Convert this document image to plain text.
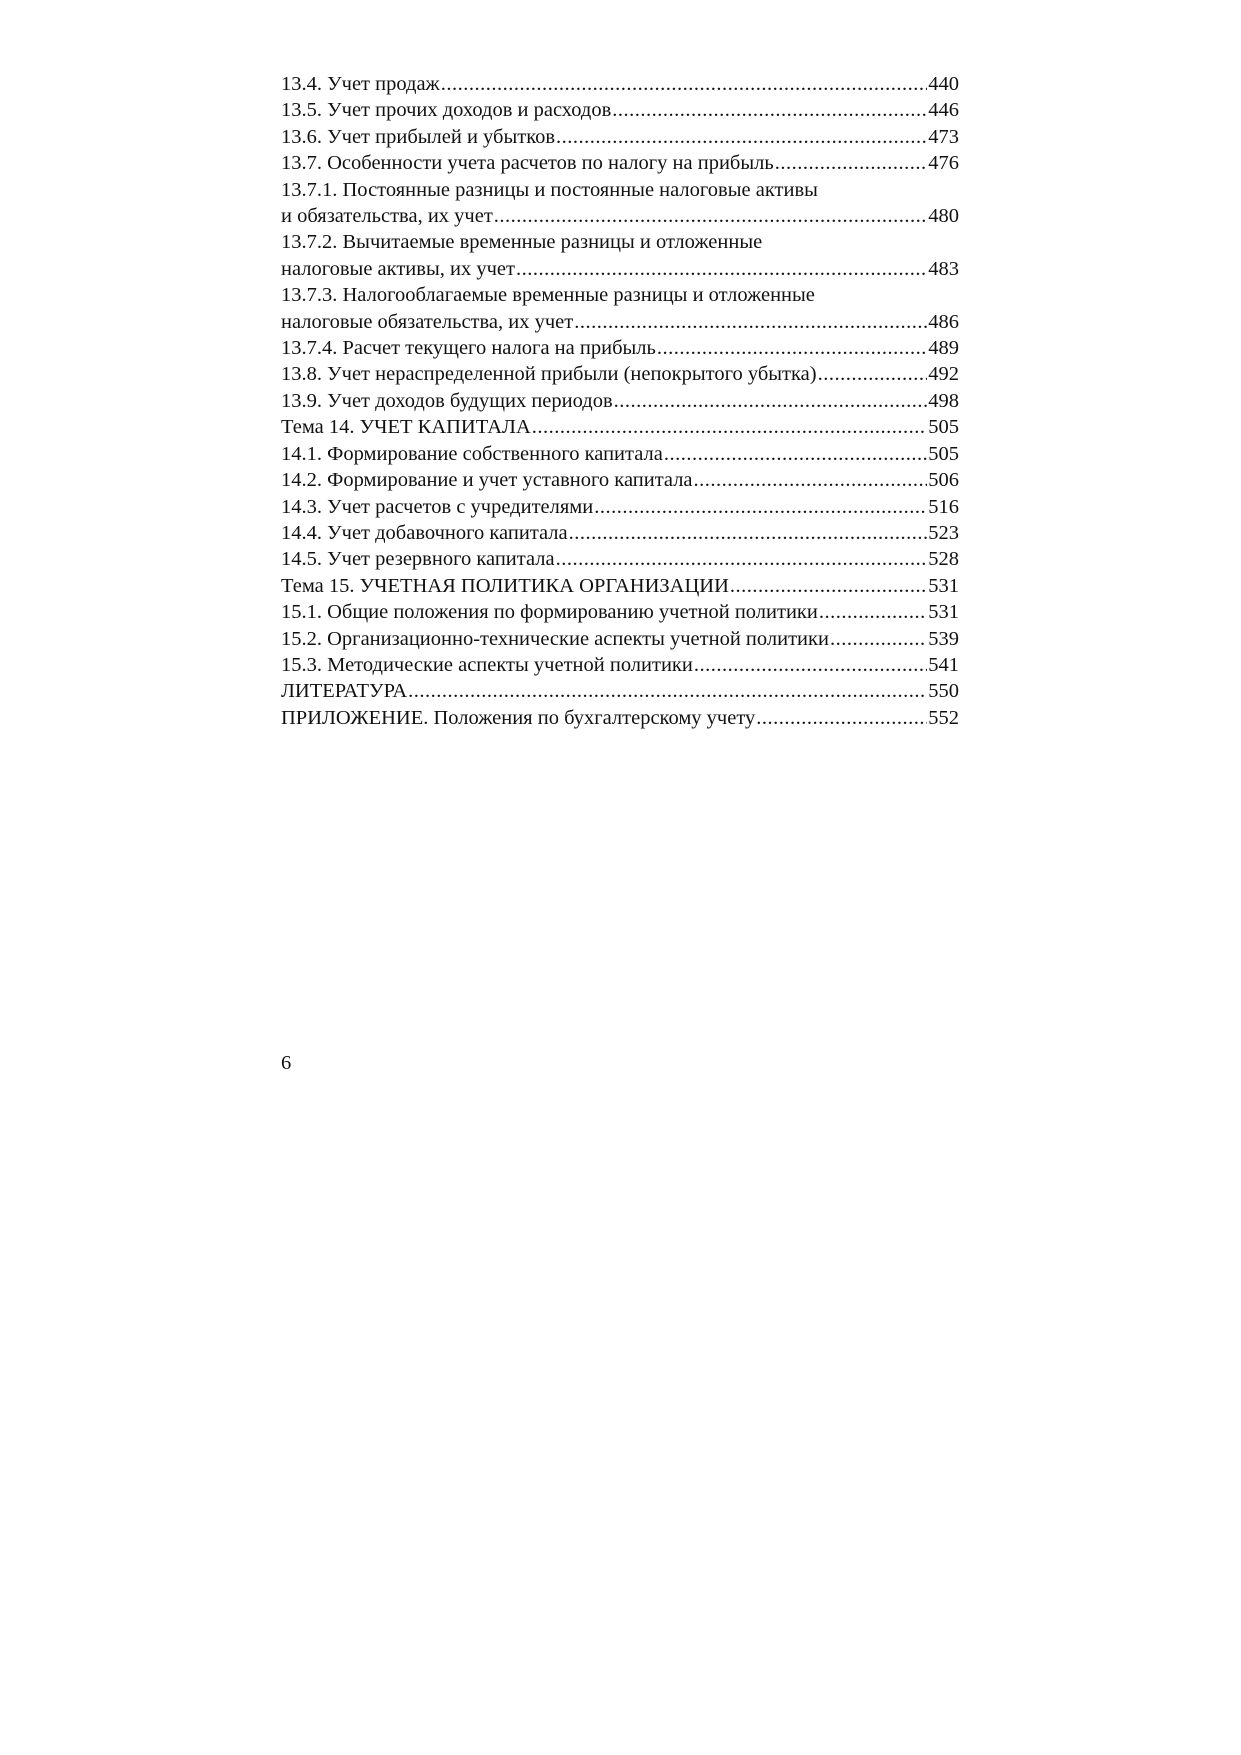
13.4. Учет продаж .....	440
13.5. Учет прочих доходов и расходов .....	446
13.6. Учет прибылей и убытков .....	473
13.7. Особенности учета расчетов по налогу на прибыль .....	476
13.7.1. Постоянные разницы и постоянные налоговые активы
и обязательства, их учет .....	480
13.7.2. Вычитаемые временные разницы и отложенные
налоговые активы, их учет .....	483
13.7.3. Налогооблагаемые временные разницы и отложенные
налоговые обязательства, их учет .....	486
13.7.4. Расчет текущего налога на прибыль .....	489
13.8. Учет нераспределенной прибыли (непокрытого убытка) .....	492
13.9. Учет доходов будущих периодов .....	498
Тема 14. УЧЕТ КАПИТАЛА .....	505
14.1. Формирование собственного капитала .....	505
14.2. Формирование и учет уставного капитала .....	506
14.3. Учет расчетов с учредителями .....	516
14.4. Учет добавочного капитала .....	523
14.5. Учет резервного капитала .....	528
Тема 15. УЧЕТНАЯ ПОЛИТИКА ОРГАНИЗАЦИИ .....	531
15.1. Общие положения по формированию учетной политики .....	531
15.2. Организационно-технические аспекты учетной политики .....	539
15.3. Методические аспекты учетной политики .....	541
ЛИТЕРАТУРА .....	550
ПРИЛОЖЕНИЕ. Положения по бухгалтерскому учету .....	552
6
